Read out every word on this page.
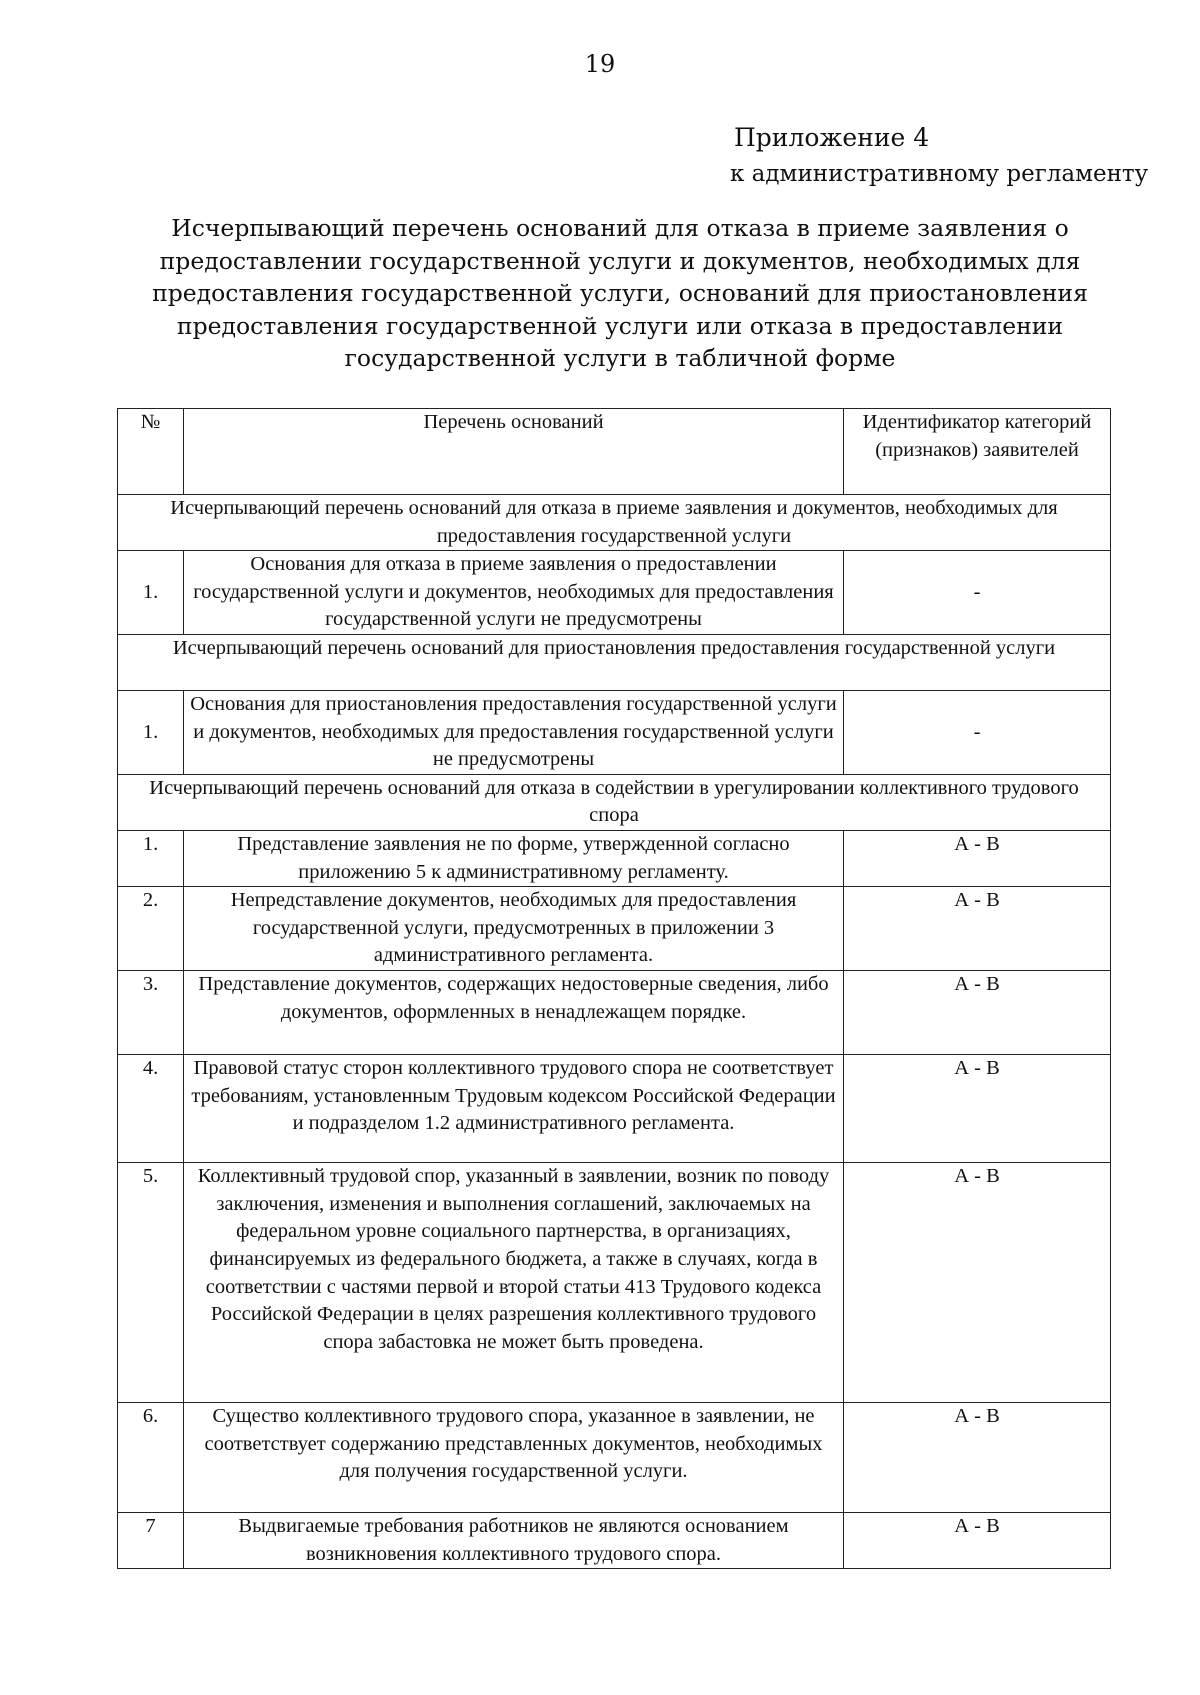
19
Приложение 4
к административному регламенту
Исчерпывающий перечень оснований для отказа в приеме заявления о предоставлении государственной услуги и документов, необходимых для предоставления государственной услуги, оснований для приостановления предоставления государственной услуги или отказа в предоставлении государственной услуги в табличной форме
№	Перечень оснований	Идентификатор категорий (признаков) заявителей
Исчерпывающий перечень оснований для отказа в приеме заявления и документов, необходимых для предоставления государственной услуги		
1.	Основания для отказа в приеме заявления о предоставлении государственной услуги и документов, необходимых для предоставления государственной услуги не предусмотрены	-
Исчерпывающий перечень оснований для приостановления предоставления государственной услуги		
1.	Основания для приостановления предоставления государственной услуги и документов, необходимых для предоставления государственной услуги не предусмотрены	-
Исчерпывающий перечень оснований для отказа в содействии в урегулировании коллективного трудового спора		
1.	Представление заявления не по форме, утвержденной согласно приложению 5 к административному регламенту.	А - В
2.	Непредставление документов, необходимых для предоставления государственной услуги, предусмотренных в приложении 3 административного регламента.	А - В
3.	Представление документов, содержащих недостоверные сведения, либо документов, оформленных в ненадлежащем порядке.	А - В
4.	Правовой статус сторон коллективного трудового спора не соответствует требованиям, установленным Трудовым кодексом Российской Федерации и подразделом 1.2 административного регламента.	А - В
5.	Коллективный трудовой спор, указанный в заявлении, возник по поводу заключения, изменения и выполнения соглашений, заключаемых на федеральном уровне социального партнерства, в организациях, финансируемых из федерального бюджета, а также в случаях, когда в соответствии с частями первой и второй статьи 413 Трудового кодекса Российской Федерации в целях разрешения коллективного трудового спора забастовка не может быть проведена.	А - В
6.	Существо коллективного трудового спора, указанное в заявлении, не соответствует содержанию представленных документов, необходимых для получения государственной услуги.	А - В
7	Выдвигаемые требования работников не являются основанием возникновения коллективного трудового спора.	А - В
